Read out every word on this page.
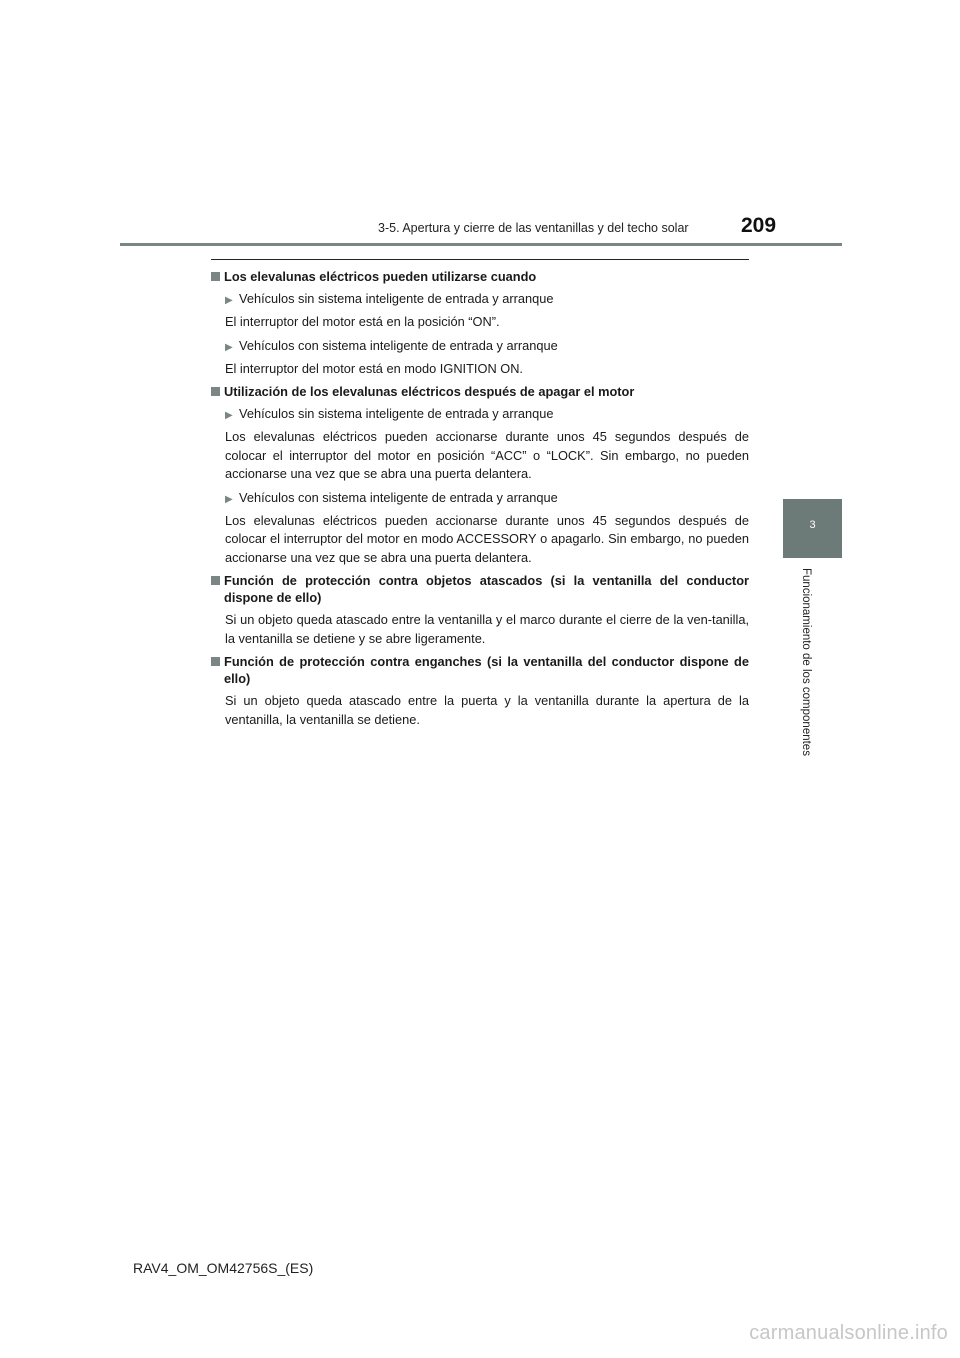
3-5. Apertura y cierre de las ventanillas y del techo solar 209
3
Funcionamiento de los componentes

Los elevalunas eléctricos pueden utilizarse cuando

▶ Vehículos sin sistema inteligente de entrada y arranque

El interruptor del motor está en la posición “ON”.

▶ Vehículos con sistema inteligente de entrada y arranque

El interruptor del motor está en modo IGNITION ON.

Utilización de los elevalunas eléctricos después de apagar el motor

▶ Vehículos sin sistema inteligente de entrada y arranque

Los elevalunas eléctricos pueden accionarse durante unos 45 segundos después de colocar el interruptor del motor en posición “ACC” o “LOCK”. Sin embargo, no pueden accionarse una vez que se abra una puerta delantera.

▶ Vehículos con sistema inteligente de entrada y arranque

Los elevalunas eléctricos pueden accionarse durante unos 45 segundos después de colocar el interruptor del motor en modo ACCESSORY o apagarlo. Sin embargo, no pueden accionarse una vez que se abra una puerta delantera.

Función de protección contra objetos atascados (si la ventanilla del conductor dispone de ello)

Si un objeto queda atascado entre la ventanilla y el marco durante el cierre de la ven-tanilla, la ventanilla se detiene y se abre ligeramente.

Función de protección contra enganches (si la ventanilla del conductor dispone de ello)

Si un objeto queda atascado entre la puerta y la ventanilla durante la apertura de la ventanilla, la ventanilla se detiene.

RAV4_OM_OM42756S_(ES)
carmanualsonline.info
